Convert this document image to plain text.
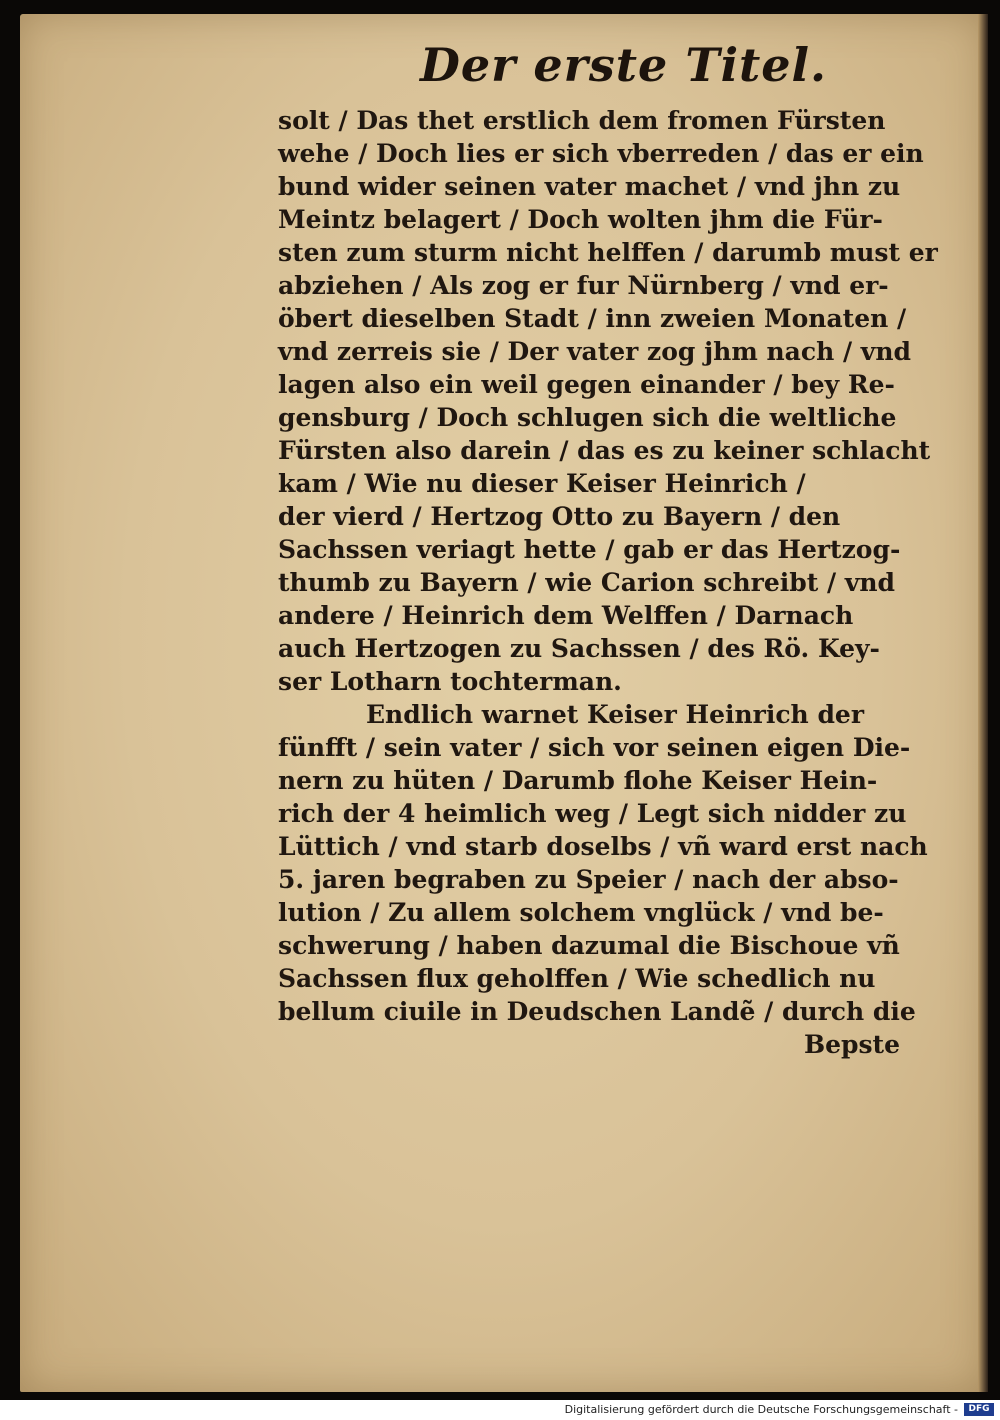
Der erste Titel.
solt / Das thet erstlich dem fromen Fürsten
wehe / Doch lies er sich vberreden / das er ein
bund wider seinen vater machet / vnd jhn zu
Meintz belagert / Doch wolten jhm die Für-
sten zum sturm nicht helffen / darumb must er
abziehen / Als zog er fur Nürnberg / vnd er-
öbert dieselben Stadt / inn zweien Monaten /
vnd zerreis sie / Der vater zog jhm nach / vnd
lagen also ein weil gegen einander / bey Re-
gensburg / Doch schlugen sich die weltliche
Fürsten also darein / das es zu keiner schlacht
kam / Wie nu dieser Keiser Heinrich /
der vierd / Hertzog Otto zu Bayern / den
Sachssen veriagt hette / gab er das Hertzog-
thumb zu Bayern / wie Carion schreibt / vnd
andere / Heinrich dem Welffen / Darnach
auch Hertzogen zu Sachssen / des Rö. Key-
ser Lotharn tochterman.
Endlich warnet Keiser Heinrich der
fünfft / sein vater / sich vor seinen eigen Die-
nern zu hüten / Darumb flohe Keiser Hein-
rich der 4 heimlich weg / Legt sich nidder zu
Lüttich / vnd starb doselbs / vñ ward erst nach
5. jaren begraben zu Speier / nach der abso-
lution / Zu allem solchem vnglück / vnd be-
schwerung / haben dazumal die Bischoue vñ
Sachssen flux geholffen / Wie schedlich nu
bellum ciuile in Deudschen Landẽ / durch die
Bepste
Digitalisierung gefördert durch die Deutsche Forschungsgemeinschaft -	DFG
